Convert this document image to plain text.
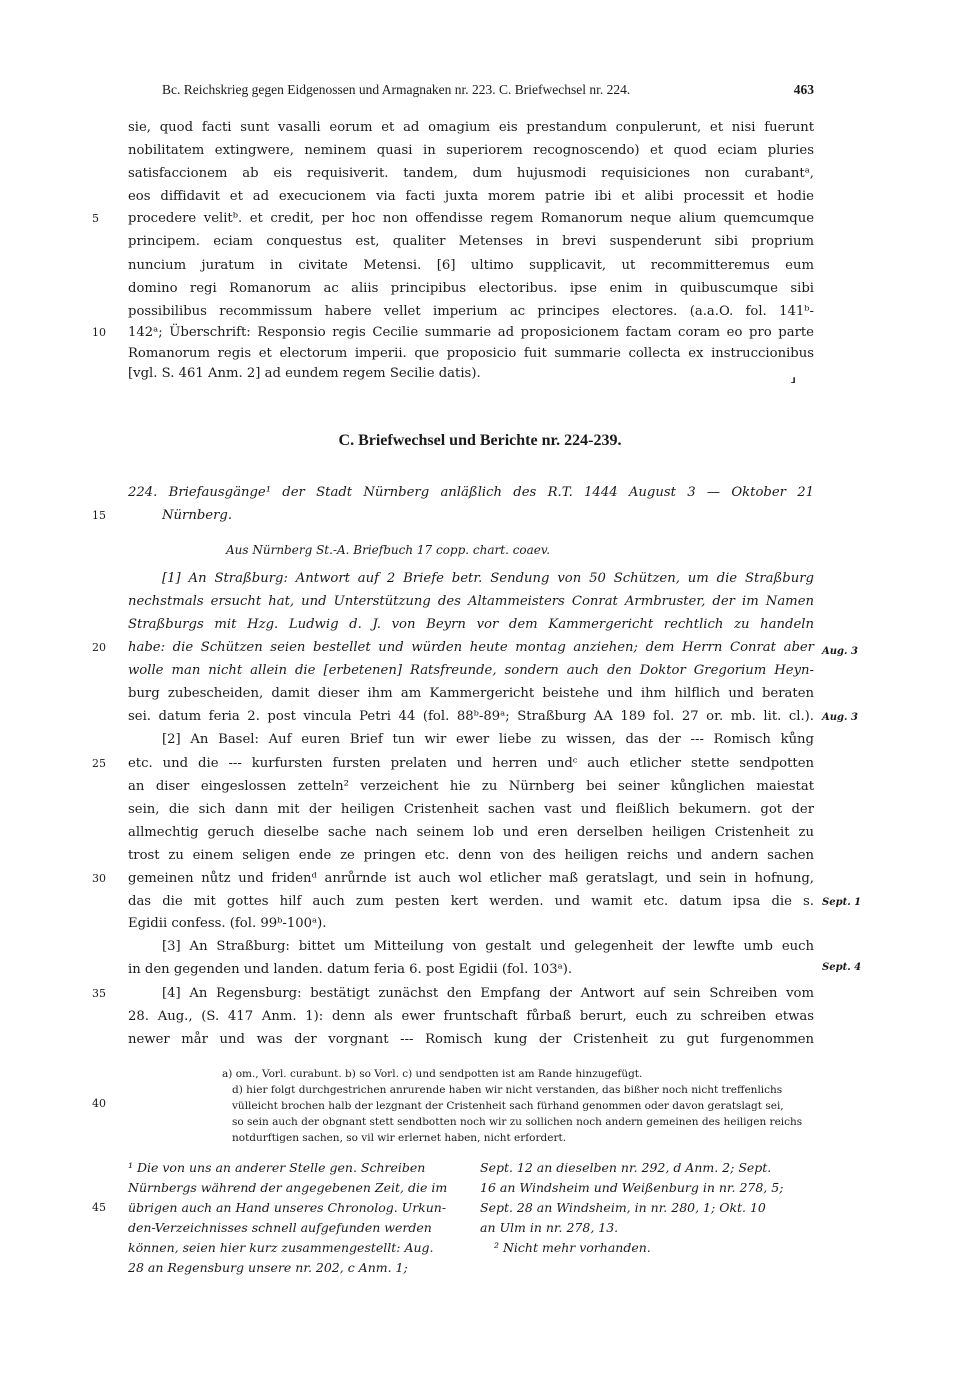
Bc. Reichskrieg gegen Eidgenossen und Armagnaken nr. 223. C. Briefwechsel nr. 224.	463
sie, quod facti sunt vasalli eorum et ad omagium eis prestandum conpulerunt, et nisi fuerunt
nobilitatem extingwere, neminem quasi in superiorem recognoscendo) et quod eciam pluries
satisfaccionem ab eis requisiverit. tandem, dum hujusmodi requisiciones non curabantᵃ,
eos diffidavit et ad execucionem via facti juxta morem patrie ibi et alibi processit et hodie
procedere velitᵇ. et credit, per hoc non offendisse regem Romanorum neque alium quemcumque
principem. eciam conquestus est, qualiter Metenses in brevi suspenderunt sibi proprium
nuncium juratum in civitate Metensi. [6] ultimo supplicavit, ut recommitteremus eum
domino regi Romanorum ac aliis principibus electoribus. ipse enim in quibuscumque sibi
possibilibus recommissum habere vellet imperium ac principes electores. (a.a.O. fol. 141ᵇ-
142ᵃ; Überschrift: Responsio regis Cecilie summarie ad proposicionem factam coram eo pro parte
Romanorum regis et electorum imperii. que proposicio fuit summarie collecta ex instruccionibus
[vgl. S. 461 Anm. 2] ad eundem regem Secilie datis).	⸥
C. Briefwechsel und Berichte nr. 224-239.
224. Briefausgänge¹ der Stadt Nürnberg anläßlich des R.T. 1444 August 3 — Oktober 21
Nürnberg.
Aus Nürnberg St.-A. Briefbuch 17 copp. chart. coaev.
[1] An Straßburg: Antwort auf 2 Briefe betr. Sendung von 50 Schützen, um die Straßburg
nechstmals ersucht hat, und Unterstützung des Altammeisters Conrat Armbruster, der im Namen
Straßburgs mit Hzg. Ludwig d. J. von Beyrn vor dem Kammergericht rechtlich zu handeln
habe: die Schützen seien bestellet und würden heute montag anziehen; dem Herrn Conrat aber
wolle man nicht allein die [erbetenen] Ratsfreunde, sondern auch den Doktor Gregorium Heyn-
burg zubescheiden, damit dieser ihm am Kammergericht beistehe und ihm hilflich und beraten
sei. datum feria 2. post vincula Petri 44 (fol. 88ᵇ-89ᵃ; Straßburg AA 189 fol. 27 or. mb. lit. cl.).
[2] An Basel: Auf euren Brief tun wir ewer liebe zu wissen, das der --- Romisch kůng
etc. und die --- kurfursten fursten prelaten und herren undᶜ auch etlicher stette sendpotten
an diser eingeslossen zetteln² verzeichent hie zu Nürnberg bei seiner kůnglichen maiestat
sein, die sich dann mit der heiligen Cristenheit sachen vast und fleißlich bekumern. got der
allmechtig geruch dieselbe sache nach seinem lob und eren derselben heiligen Cristenheit zu
trost zu einem seligen ende ze pringen etc. denn von des heiligen reichs und andern sachen
gemeinen nůtz und fridenᵈ anrůrnde ist auch wol etlicher maß geratslagt, und sein in hofnung,
das die mit gottes hilf auch zum pesten kert werden. und wamit etc. datum ipsa die s.
Egidii confess. (fol. 99ᵇ-100ᵃ).
[3] An Straßburg: bittet um Mitteilung von gestalt und gelegenheit der lewfte umb euch
in den gegenden und landen. datum feria 6. post Egidii (fol. 103ᵃ).
[4] An Regensburg: bestätigt zunächst den Empfang der Antwort auf sein Schreiben vom
28. Aug., (S. 417 Anm. 1): denn als ewer fruntschaft fůrbaß berurt, euch zu schreiben etwas
newer mår und was der vorgnant --- Romisch kung der Cristenheit zu gut furgenommen
5
10
15
20
25
30
35
40
45
Aug. 3
Aug. 3
Sept. 1
Sept. 4
a) om., Vorl. curabunt. b) so Vorl. c) und sendpotten ist am Rande hinzugefügt.
d) hier folgt durchgestrichen anrurende haben wir nicht verstanden, das bißher noch nicht treffenlichs
vülleicht brochen halb der lezgnant der Cristenheit sach fürhand genommen oder davon geratslagt sei,
so sein auch der obgnant stett sendbotten noch wir zu sollichen noch andern gemeinen des heiligen reichs
notdurftigen sachen, so vil wir erlernet haben, nicht erfordert.
¹ Die von uns an anderer Stelle gen. Schreiben
Nürnbergs während der angegebenen Zeit, die im
übrigen auch an Hand unseres Chronolog. Urkun-
den-Verzeichnisses schnell aufgefunden werden
können, seien hier kurz zusammengestellt: Aug.
28 an Regensburg unsere nr. 202, c Anm. 1;
Sept. 12 an dieselben nr. 292, d Anm. 2; Sept.
16 an Windsheim und Weißenburg in nr. 278, 5;
Sept. 28 an Windsheim, in nr. 280, 1; Okt. 10
an Ulm in nr. 278, 13.
² Nicht mehr vorhanden.
